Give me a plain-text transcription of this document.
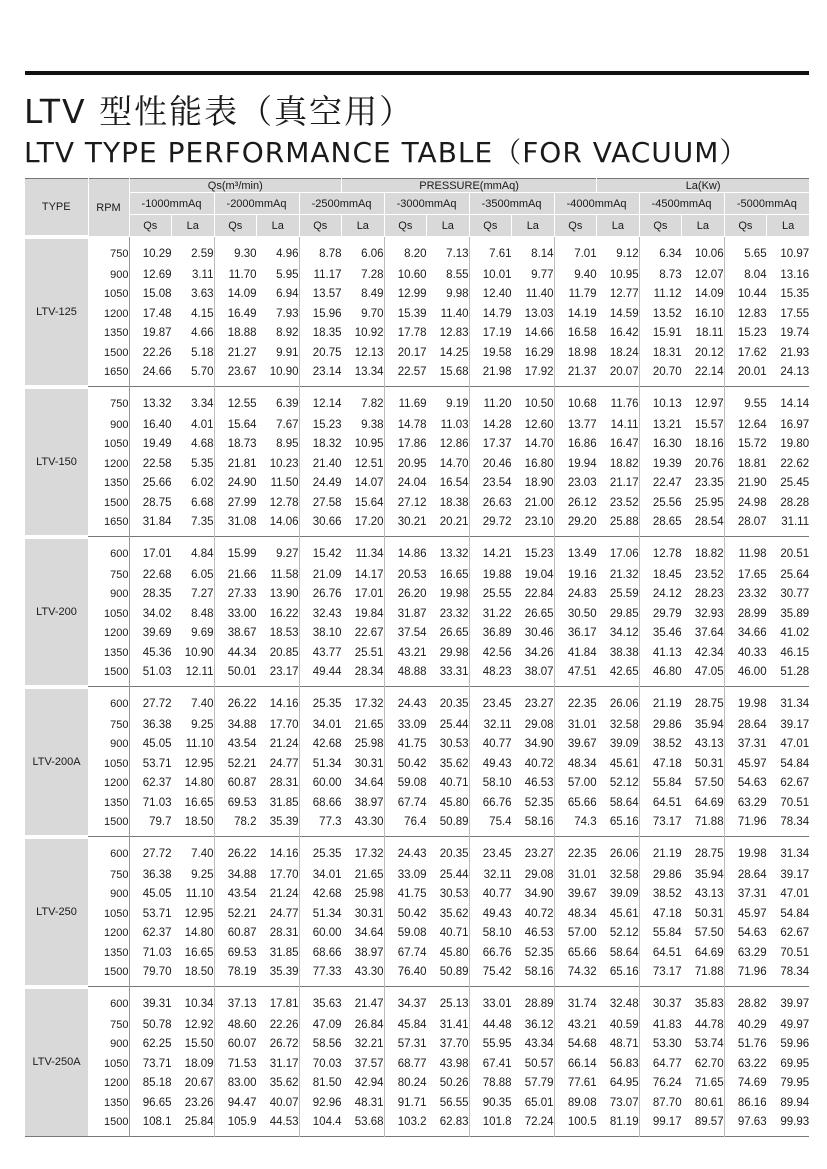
LTV 型性能表（真空用）
LTV TYPE PERFORMANCE TABLE（FOR VACUUM）
TYPE	RPM	Qs(m³/min)					PRESSURE(mmAq)						La(Kw)				
		-1000mmAq		-2000mmAq		-2500mmAq		-3000mmAq		-3500mmAq		-4000mmAq		-4500mmAq		-5000mmAq	
		Qs	La	Qs	La	Qs	La	Qs	La	Qs	La	Qs	La	Qs	La	Qs	La
LTV-125	750	10.29	2.59	9.30	4.96	8.78	6.06	8.20	7.13	7.61	8.14	7.01	9.12	6.34	10.06	5.65	10.97
	900	12.69	3.11	11.70	5.95	11.17	7.28	10.60	8.55	10.01	9.77	9.40	10.95	8.73	12.07	8.04	13.16
	1050	15.08	3.63	14.09	6.94	13.57	8.49	12.99	9.98	12.40	11.40	11.79	12.77	11.12	14.09	10.44	15.35
	1200	17.48	4.15	16.49	7.93	15.96	9.70	15.39	11.40	14.79	13.03	14.19	14.59	13.52	16.10	12.83	17.55
	1350	19.87	4.66	18.88	8.92	18.35	10.92	17.78	12.83	17.19	14.66	16.58	16.42	15.91	18.11	15.23	19.74
	1500	22.26	5.18	21.27	9.91	20.75	12.13	20.17	14.25	19.58	16.29	18.98	18.24	18.31	20.12	17.62	21.93
	1650	24.66	5.70	23.67	10.90	23.14	13.34	22.57	15.68	21.98	17.92	21.37	20.07	20.70	22.14	20.01	24.13
LTV-150	750	13.32	3.34	12.55	6.39	12.14	7.82	11.69	9.19	11.20	10.50	10.68	11.76	10.13	12.97	9.55	14.14
	900	16.40	4.01	15.64	7.67	15.23	9.38	14.78	11.03	14.28	12.60	13.77	14.11	13.21	15.57	12.64	16.97
	1050	19.49	4.68	18.73	8.95	18.32	10.95	17.86	12.86	17.37	14.70	16.86	16.47	16.30	18.16	15.72	19.80
	1200	22.58	5.35	21.81	10.23	21.40	12.51	20.95	14.70	20.46	16.80	19.94	18.82	19.39	20.76	18.81	22.62
	1350	25.66	6.02	24.90	11.50	24.49	14.07	24.04	16.54	23.54	18.90	23.03	21.17	22.47	23.35	21.90	25.45
	1500	28.75	6.68	27.99	12.78	27.58	15.64	27.12	18.38	26.63	21.00	26.12	23.52	25.56	25.95	24.98	28.28
	1650	31.84	7.35	31.08	14.06	30.66	17.20	30.21	20.21	29.72	23.10	29.20	25.88	28.65	28.54	28.07	31.11
LTV-200	600	17.01	4.84	15.99	9.27	15.42	11.34	14.86	13.32	14.21	15.23	13.49	17.06	12.78	18.82	11.98	20.51
	750	22.68	6.05	21.66	11.58	21.09	14.17	20.53	16.65	19.88	19.04	19.16	21.32	18.45	23.52	17.65	25.64
	900	28.35	7.27	27.33	13.90	26.76	17.01	26.20	19.98	25.55	22.84	24.83	25.59	24.12	28.23	23.32	30.77
	1050	34.02	8.48	33.00	16.22	32.43	19.84	31.87	23.32	31.22	26.65	30.50	29.85	29.79	32.93	28.99	35.89
	1200	39.69	9.69	38.67	18.53	38.10	22.67	37.54	26.65	36.89	30.46	36.17	34.12	35.46	37.64	34.66	41.02
	1350	45.36	10.90	44.34	20.85	43.77	25.51	43.21	29.98	42.56	34.26	41.84	38.38	41.13	42.34	40.33	46.15
	1500	51.03	12.11	50.01	23.17	49.44	28.34	48.88	33.31	48.23	38.07	47.51	42.65	46.80	47.05	46.00	51.28
LTV-200A	600	27.72	7.40	26.22	14.16	25.35	17.32	24.43	20.35	23.45	23.27	22.35	26.06	21.19	28.75	19.98	31.34
	750	36.38	9.25	34.88	17.70	34.01	21.65	33.09	25.44	32.11	29.08	31.01	32.58	29.86	35.94	28.64	39.17
	900	45.05	11.10	43.54	21.24	42.68	25.98	41.75	30.53	40.77	34.90	39.67	39.09	38.52	43.13	37.31	47.01
	1050	53.71	12.95	52.21	24.77	51.34	30.31	50.42	35.62	49.43	40.72	48.34	45.61	47.18	50.31	45.97	54.84
	1200	62.37	14.80	60.87	28.31	60.00	34.64	59.08	40.71	58.10	46.53	57.00	52.12	55.84	57.50	54.63	62.67
	1350	71.03	16.65	69.53	31.85	68.66	38.97	67.74	45.80	66.76	52.35	65.66	58.64	64.51	64.69	63.29	70.51
	1500	79.7	18.50	78.2	35.39	77.3	43.30	76.4	50.89	75.4	58.16	74.3	65.16	73.17	71.88	71.96	78.34
LTV-250	600	27.72	7.40	26.22	14.16	25.35	17.32	24.43	20.35	23.45	23.27	22.35	26.06	21.19	28.75	19.98	31.34
	750	36.38	9.25	34.88	17.70	34.01	21.65	33.09	25.44	32.11	29.08	31.01	32.58	29.86	35.94	28.64	39.17
	900	45.05	11.10	43.54	21.24	42.68	25.98	41.75	30.53	40.77	34.90	39.67	39.09	38.52	43.13	37.31	47.01
	1050	53.71	12.95	52.21	24.77	51.34	30.31	50.42	35.62	49.43	40.72	48.34	45.61	47.18	50.31	45.97	54.84
	1200	62.37	14.80	60.87	28.31	60.00	34.64	59.08	40.71	58.10	46.53	57.00	52.12	55.84	57.50	54.63	62.67
	1350	71.03	16.65	69.53	31.85	68.66	38.97	67.74	45.80	66.76	52.35	65.66	58.64	64.51	64.69	63.29	70.51
	1500	79.70	18.50	78.19	35.39	77.33	43.30	76.40	50.89	75.42	58.16	74.32	65.16	73.17	71.88	71.96	78.34
LTV-250A	600	39.31	10.34	37.13	17.81	35.63	21.47	34.37	25.13	33.01	28.89	31.74	32.48	30.37	35.83	28.82	39.97
	750	50.78	12.92	48.60	22.26	47.09	26.84	45.84	31.41	44.48	36.12	43.21	40.59	41.83	44.78	40.29	49.97
	900	62.25	15.50	60.07	26.72	58.56	32.21	57.31	37.70	55.95	43.34	54.68	48.71	53.30	53.74	51.76	59.96
	1050	73.71	18.09	71.53	31.17	70.03	37.57	68.77	43.98	67.41	50.57	66.14	56.83	64.77	62.70	63.22	69.95
	1200	85.18	20.67	83.00	35.62	81.50	42.94	80.24	50.26	78.88	57.79	77.61	64.95	76.24	71.65	74.69	79.95
	1350	96.65	23.26	94.47	40.07	92.96	48.31	91.71	56.55	90.35	65.01	89.08	73.07	87.70	80.61	86.16	89.94
	1500	108.1	25.84	105.9	44.53	104.4	53.68	103.2	62.83	101.8	72.24	100.5	81.19	99.17	89.57	97.63	99.93
